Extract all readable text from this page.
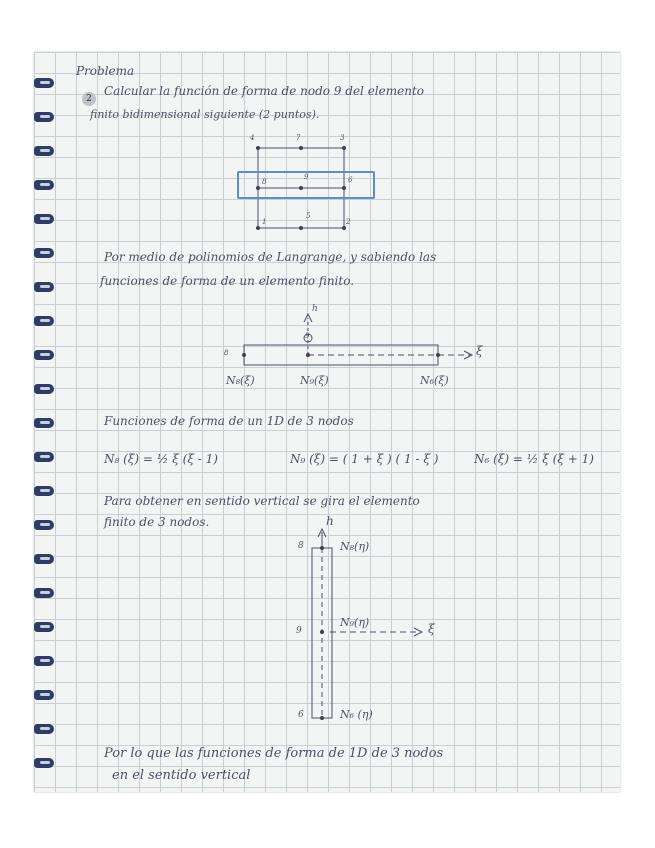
Problema

2

Calcular la función de forma de nodo 9 del elemento

finito bidimensional siguiente (2 puntos).

4	7	3
8
9	6
1
5
2

Por medio de polinomios de Langrange, y sabiendo las

funciones de forma de un elemento finito.

h
ξ
8
9
N₈(ξ)	N₉(ξ)	N₆(ξ)

Funciones de forma de un 1D de 3 nodos

N₈ (ξ) = ½ ξ (ξ - 1)	N₉ (ξ) = ( 1 + ξ ) ( 1 - ξ )	N₆ (ξ) = ½ ξ (ξ + 1)

Para obtener en sentido vertical se gira el elemento

finito de 3 nodos.	h
8
9
6
N₈(η)
N₉(η)	ξ
N₆ (η)

Por lo que las funciones de forma de 1D de 3 nodos

en el sentido vertical
